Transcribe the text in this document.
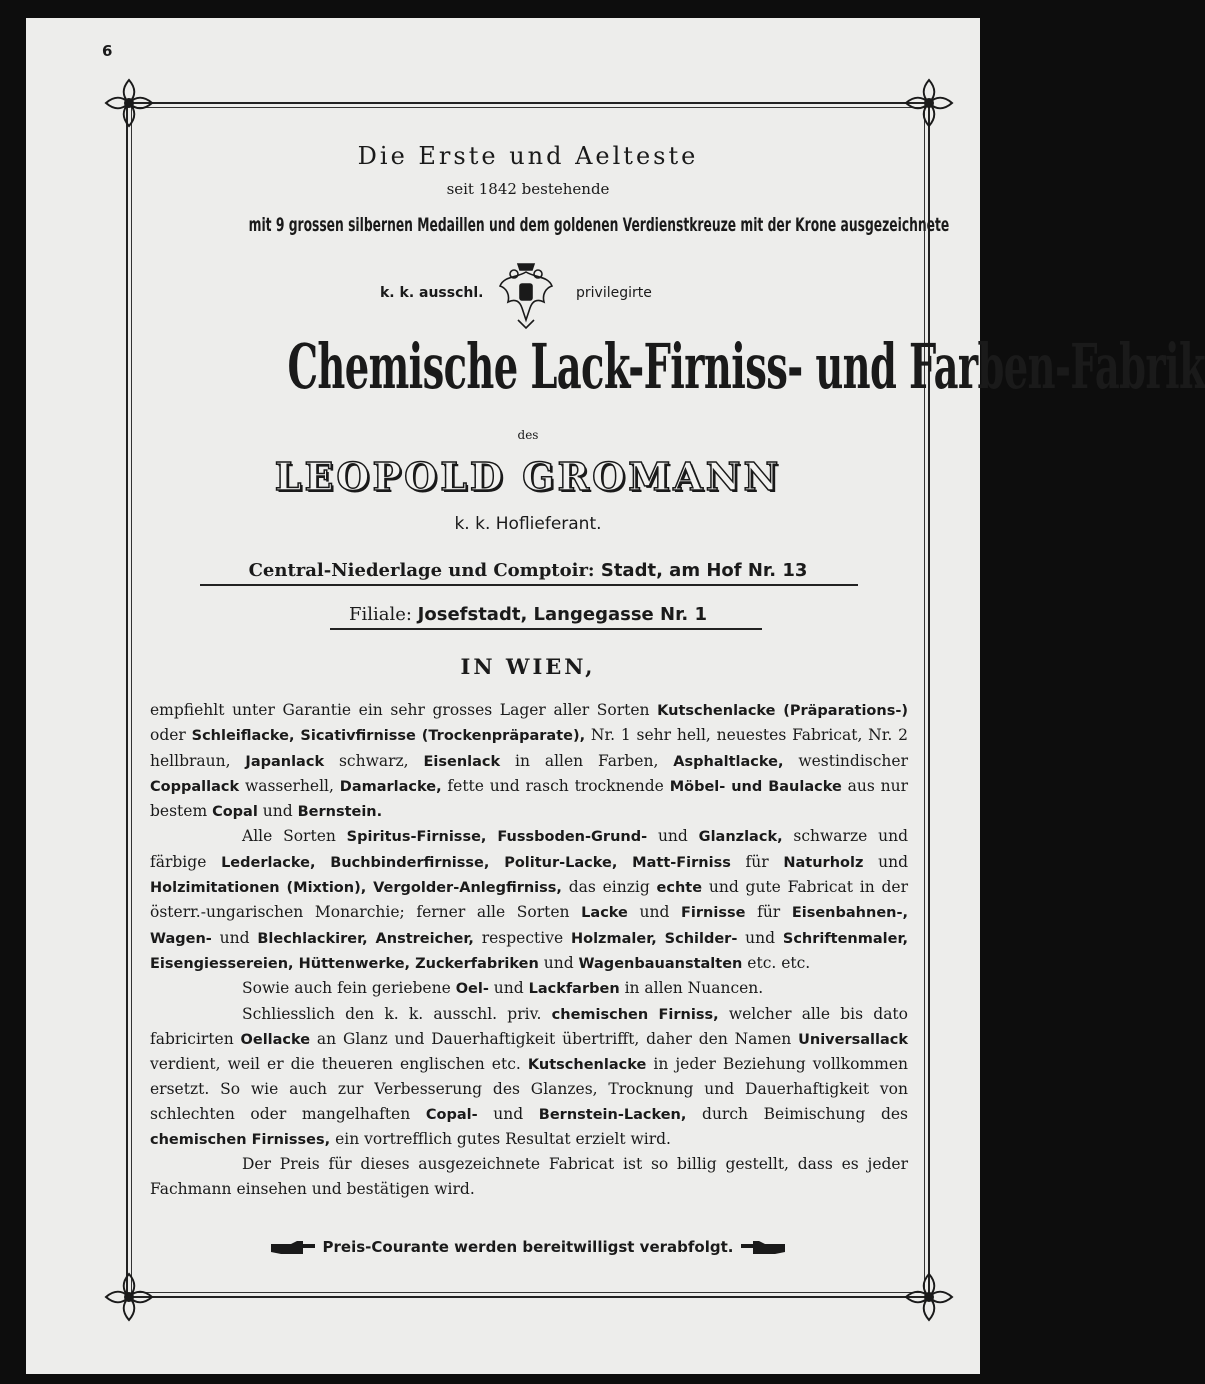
6
Die Erste und Aelteste
seit 1842 bestehende
mit 9 grossen silbernen Medaillen und dem goldenen Verdienstkreuze mit der Krone ausgezeichnete
k. k. ausschl.	privilegirte
Chemische Lack-Firniss- und Farben-Fabrik
des
LEOPOLD GROMANN
k. k. Hoflieferant.
Central-Niederlage und Comptoir: Stadt, am Hof Nr. 13
Filiale: Josefstadt, Langegasse Nr. 1
IN WIEN,

empfiehlt unter Garantie ein sehr grosses Lager aller Sorten Kutschenlacke (Präparations-) oder Schleiflacke, Sicativfirnisse (Trockenpräparate), Nr. 1 sehr hell, neuestes Fabricat, Nr. 2 hellbraun, Japanlack schwarz, Eisenlack in allen Farben, Asphaltlacke, westindischer Coppallack wasserhell, Damarlacke, fette und rasch trocknende Möbel- und Baulacke aus nur bestem Copal und Bernstein.

Alle Sorten Spiritus-Firnisse, Fussboden-Grund- und Glanzlack, schwarze und färbige Lederlacke, Buchbinderfirnisse, Politur-Lacke, Matt-Firniss für Naturholz und Holzimitationen (Mixtion), Vergolder-Anlegfirniss, das einzig echte und gute Fabricat in der österr.-ungarischen Monarchie; ferner alle Sorten Lacke und Firnisse für Eisenbahnen-, Wagen- und Blechlackirer, Anstreicher, respective Holzmaler, Schilder- und Schriftenmaler, Eisengiessereien, Hüttenwerke, Zuckerfabriken und Wagenbauanstalten etc. etc.

Sowie auch fein geriebene Oel- und Lackfarben in allen Nuancen.

Schliesslich den k. k. ausschl. priv. chemischen Firniss, welcher alle bis dato fabricirten Oellacke an Glanz und Dauerhaftigkeit übertrifft, daher den Namen Universallack verdient, weil er die theueren englischen etc. Kutschenlacke in jeder Beziehung vollkommen ersetzt. So wie auch zur Verbesserung des Glanzes, Trocknung und Dauerhaftigkeit von schlechten oder mangelhaften Copal- und Bernstein-Lacken, durch Beimischung des chemischen Firnisses, ein vortrefflich gutes Resultat erzielt wird.

Der Preis für dieses ausgezeichnete Fabricat ist so billig gestellt, dass es jeder Fachmann einsehen und bestätigen wird.

Preis-Courante werden bereitwilligst verabfolgt.
